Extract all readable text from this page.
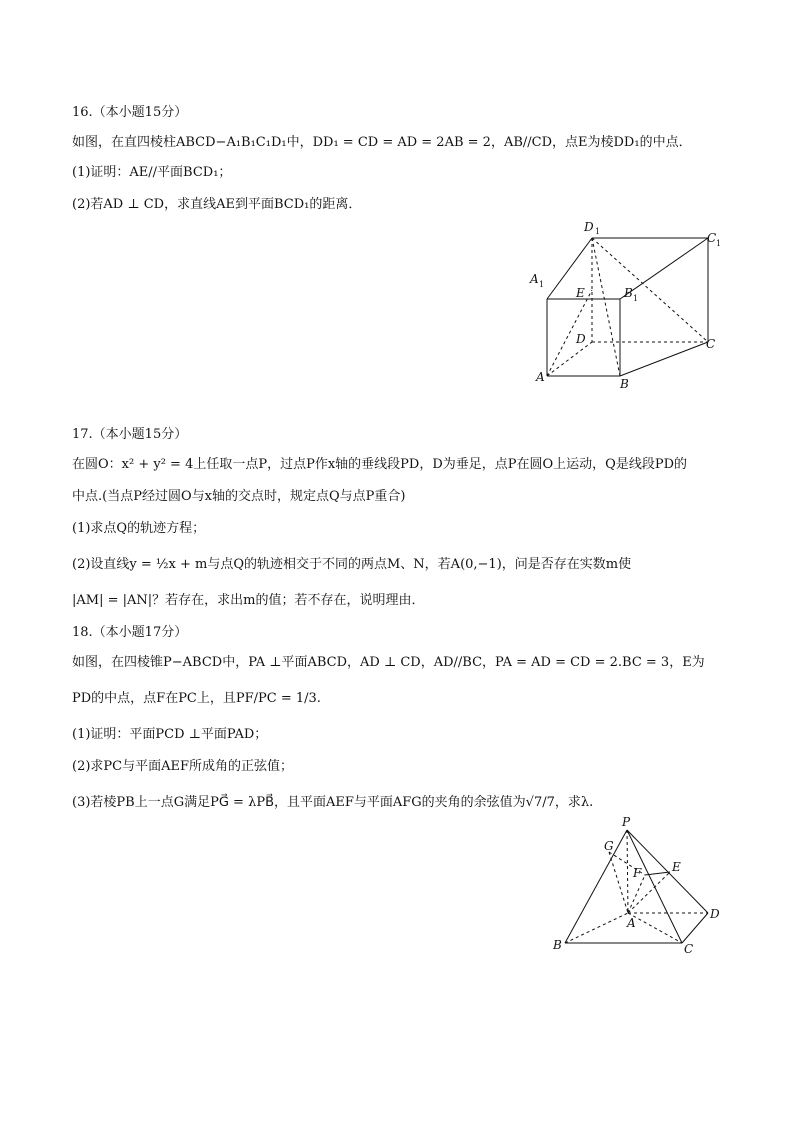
16.（本小题15分）
如图，在直四棱柱ABCD−A₁B₁C₁D₁中，DD₁ = CD = AD = 2AB = 2，AB//CD，点E为棱DD₁的中点．
(1)证明：AE//平面BCD₁；
(2)若AD ⊥ CD，求直线AE到平面BCD₁的距离．
D 1	C 1
A 1
E	B 1
D	C
A	B
17.（本小题15分）
在圆O：x² + y² = 4上任取一点P，过点P作x轴的垂线段PD，D为垂足，点P在圆O上运动，Q是线段PD的
中点.(当点P经过圆O与x轴的交点时，规定点Q与点P重合)
(1)求点Q的轨迹方程；
(2)设直线y = ½x + m与点Q的轨迹相交于不同的两点M、N，若A(0,−1)，问是否存在实数m使
|AM| = |AN|？若存在，求出m的值；若不存在，说明理由．
18.（本小题17分）
如图，在四棱锥P−ABCD中，PA ⊥平面ABCD，AD ⊥ CD，AD//BC，PA = AD = CD = 2.BC = 3，E为
PD的中点，点F在PC上，且PF/PC = 1/3.
(1)证明：平面PCD ⊥平面PAD；
(2)求PC与平面AEF所成角的正弦值；
(3)若棱PB上一点G满足PG⃗ = λPB⃗，且平面AEF与平面AFG的夹角的余弦值为√7/7，求λ.
P
G
E
F
A
D
B	C
